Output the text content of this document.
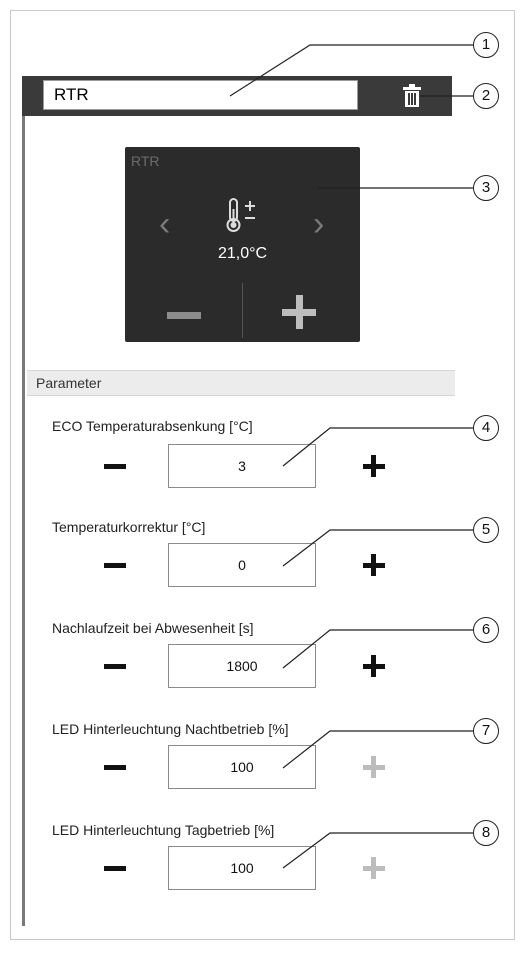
RTR
RTR
‹	›
21,0°C
Parameter
ECO Temperaturabsenkung [°C]
3
Temperaturkorrektur [°C]
0
Nachlaufzeit bei Abwesenheit [s]
1800
LED Hinterleuchtung Nachtbetrieb [%]
100
LED Hinterleuchtung Tagbetrieb [%]
100
1
2
3
4
5
6
7
8
